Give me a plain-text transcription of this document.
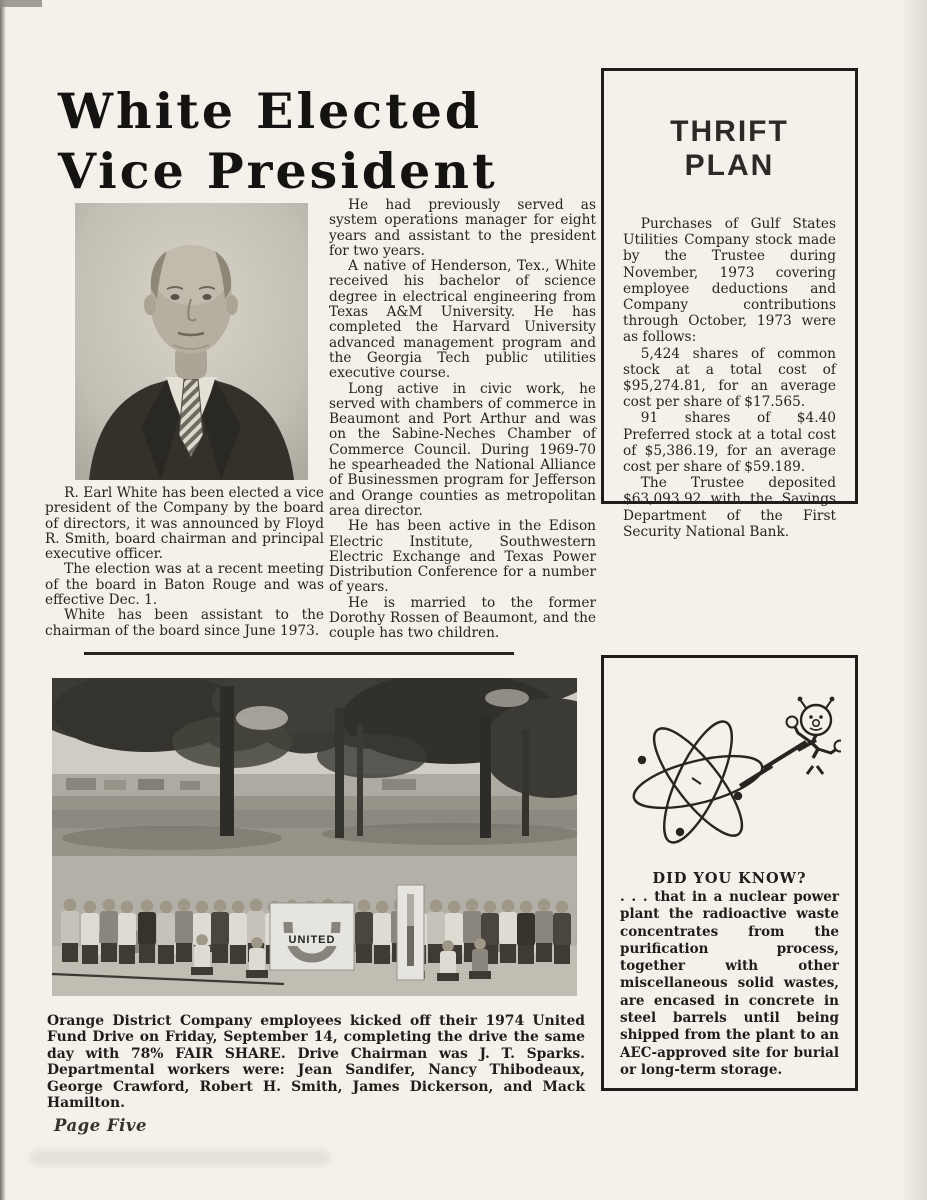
White Elected
Vice President

R. Earl White has been elected a vice president of the Company by the board of directors, it was announced by Floyd R. Smith, board chairman and principal executive officer.

The election was at a recent meeting of the board in Baton Rouge and was effective Dec. 1.

White has been assistant to the chairman of the board since June 1973.

He had previously served as system operations manager for eight years and assistant to the president for two years.

A native of Henderson, Tex., White received his bachelor of science degree in electrical engineering from Texas A&M University. He has completed the Harvard University advanced management program and the Georgia Tech public utilities executive course.

Long active in civic work, he served with chambers of commerce in Beaumont and Port Arthur and was on the Sabine-Neches Chamber of Commerce Council. During 1969-70 he spearheaded the National Alliance of Businessmen program for Jefferson and Orange counties as metropolitan area director.

He has been active in the Edison Electric Institute, Southwestern Electric Exchange and Texas Power Distribution Conference for a number of years.

He is married to the former Dorothy Rossen of Beaumont, and the couple has two children.

THRIFT PLAN

Purchases of Gulf States Utilities Company stock made by the Trustee during November, 1973 covering employee deductions and Company contributions through October, 1973 were as follows:

5,424 shares of common stock at a total cost of $95,274.81, for an average cost per share of $17.565.

91 shares of $4.40 Preferred stock at a total cost of $5,386.19, for an average cost per share of $59.189.

The Trustee deposited $63,093.92 with the Savings Department of the First Security National Bank.

UNITED

Orange District Company employees kicked off their 1974 United Fund Drive on Friday, September 14, completing the drive the same day with 78% FAIR SHARE. Drive Chairman was J. T. Sparks. Departmental workers were: Jean Sandifer, Nancy Thibodeaux, George Crawford, Robert H. Smith, James Dickerson, and Mack Hamilton.

DID YOU KNOW?

. . . that in a nuclear power plant the radioactive waste concentrates from the purification process, together with other miscellaneous solid wastes, are encased in concrete in steel barrels until being shipped from the plant to an AEC-approved site for burial or long-term storage.

Page Five
